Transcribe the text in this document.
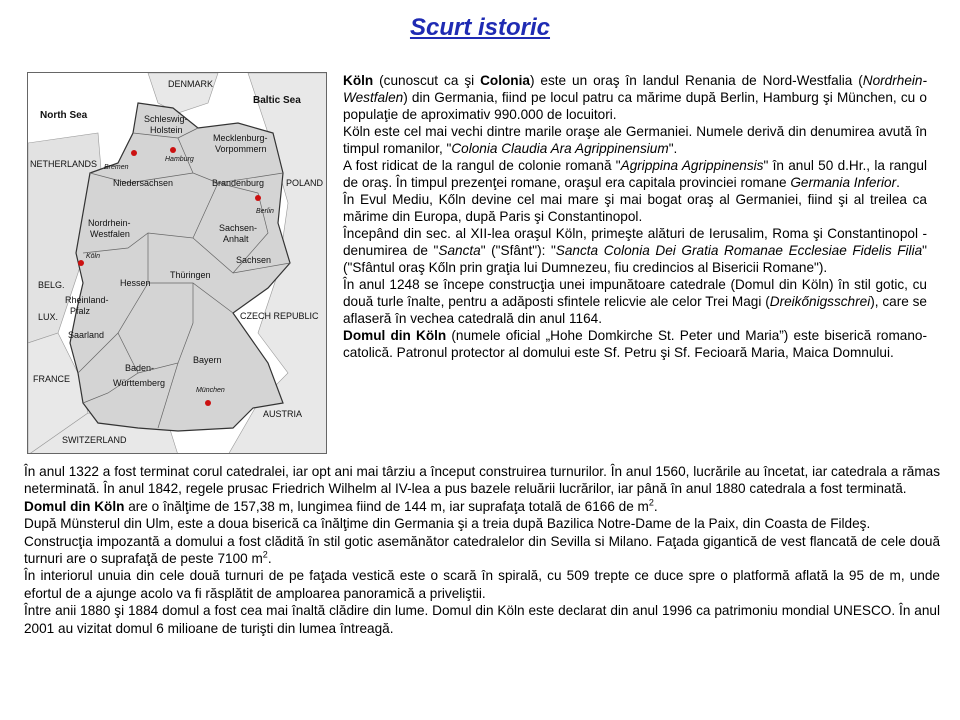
Scurt istoric
North Sea
Baltic Sea
DENMARK
NETHERLANDS
POLAND
BELG.
LUX.	CZECH REPUBLIC
FRANCE
AUSTRIA
SWITZERLAND
Schleswig-
Holstein
Mecklenburg-
Vorpommern
Niedersachsen	Brandenburg
Nordrhein-
Westfalen
Sachsen-
Anhalt
Hessen
Thüringen
Sachsen
Rheinland-
Pfalz
Saarland
Baden-
Württemberg
Bayern
Bremen
Hamburg
Berlin
Köln
München

Köln (cunoscut ca şi Colonia) este un oraş în landul Renania de Nord-Westfalia (Nordrhein-Westfalen) din Germania, fiind pe locul patru ca mărime după Berlin, Hamburg şi München, cu o populaţie de aproximativ 990.000 de locuitori.

Köln este cel mai vechi dintre marile oraşe ale Germaniei. Numele derivă din denumirea avută în timpul romanilor, "Colonia Claudia Ara Agrippinensium".

A fost ridicat de la rangul de colonie romană "Agrippina Agrippinensis" în anul 50 d.Hr., la rangul de oraş. În timpul prezenţei romane, oraşul era capitala provinciei romane Germania Inferior.

În Evul Mediu, Kőln devine cel mai mare şi mai bogat oraş al Germaniei, fiind şi al treilea ca mărime din Europa, după Paris şi Constantinopol.

Începând din sec. al XII-lea oraşul Köln, primeşte alături de Ierusalim, Roma şi Constantinopol - denumirea de "Sancta" ("Sfânt"): "Sancta Colonia Dei Gratia Romanae Ecclesiae Fidelis Filia" ("Sfântul oraş Kőln prin graţia lui Dumnezeu, fiu credincios al Bisericii Romane").

În anul 1248 se începe construcţia unei impunătoare catedrale (Domul din Köln) în stil gotic, cu două turle înalte, pentru a adăposti sfintele relicvie ale celor Trei Magi (Dreikőnigsschrei), care se aflaseră în vechea catedrală din anul 1164.

Domul din Köln (numele oficial „Hohe Domkirche St. Peter und Maria”) este biserică romano-catolică. Patronul protector al domului este Sf. Petru şi Sf. Fecioară Maria, Maica Domnului.

În anul 1322 a fost terminat corul catedralei, iar opt ani mai târziu a început construirea turnurilor. În anul 1560, lucrările au încetat, iar catedrala a rămas neterminată. În anul 1842, regele prusac Friedrich Wilhelm al IV-lea a pus bazele reluării lucrărilor, iar până în anul 1880 catedrala a fost terminată.

Domul din Köln are o înălţime de 157,38 m, lungimea fiind de 144 m, iar suprafaţa totală de 6166 de $m^2$.

După Münsterul din Ulm, este a doua biserică ca înălţime din Germania şi a treia după Bazilica Notre-Dame de la Paix, din Coasta de Fildeş.

Construcţia impozantă a domului a fost clădită în stil gotic asemănător catedralelor din Sevilla si Milano. Faţada gigantică de vest flancată de cele două turnuri are o suprafaţă de peste 7100 $m^2$.

În interiorul unuia din cele două turnuri de pe faţada vestică este o scară în spirală, cu 509 trepte ce duce spre o platformă aflată la 95 de m, unde efortul de a ajunge acolo va fi răsplătit de amploarea panoramică a priveliştii.

Între anii 1880 şi 1884 domul a fost cea mai înaltă clădire din lume. Domul din Köln este declarat din anul 1996 ca patrimoniu mondial UNESCO. În anul 2001 au vizitat domul 6 milioane de turişti din lumea întreagă.
